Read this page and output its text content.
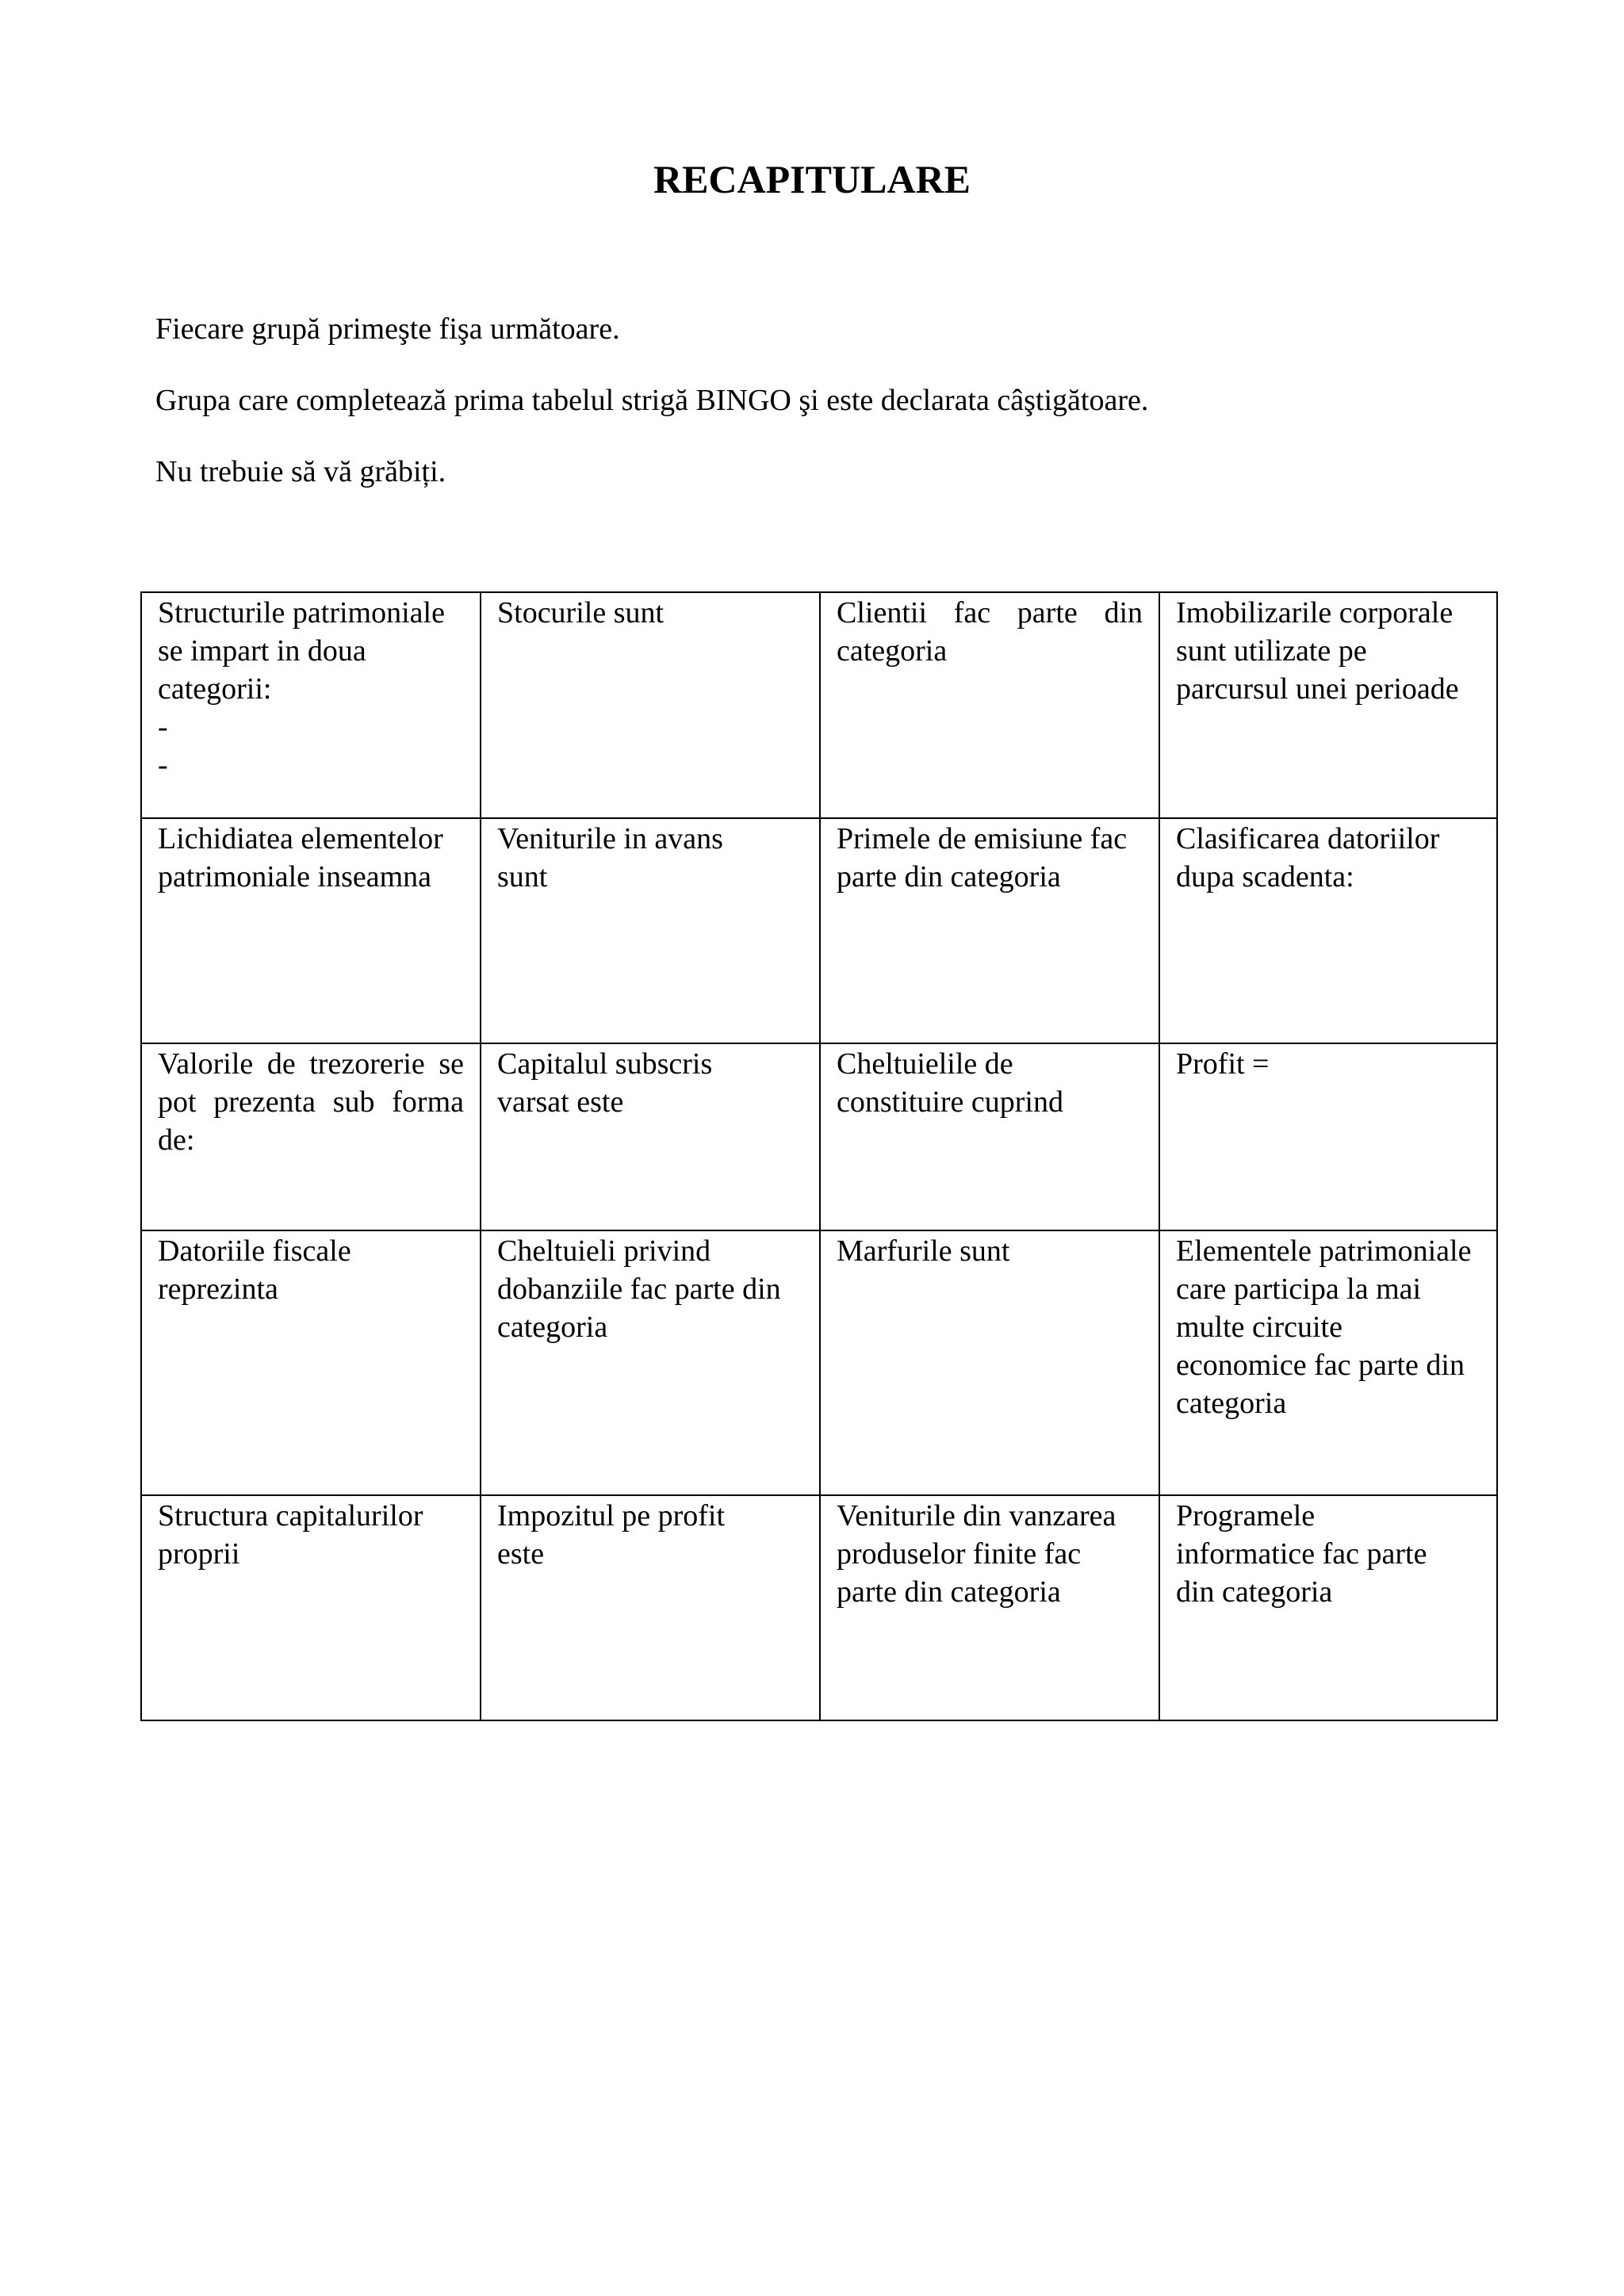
RECAPITULARE

Fiecare grupă primeşte fişa următoare.

Grupa care completează prima tabelul strigă BINGO şi este declarata câştigătoare.

Nu trebuie să vă grăbiți.

Structurile patrimoniale se impart in doua categorii:
-
-	Stocurile sunt	Clientii fac parte din categoria	Imobilizarile corporale sunt utilizate pe parcursul unei perioade

Lichidiatea elementelor patrimoniale inseamna	Veniturile in avans sunt	Primele de emisiune fac parte din categoria	Clasificarea datoriilor dupa scadenta:

Valorile de trezorerie se pot prezenta sub forma de:	Capitalul subscris varsat este	Cheltuielile de constituire cuprind	Profit =

Datoriile fiscale reprezinta	Cheltuieli privind dobanziile fac parte din categoria	Marfurile sunt	Elementele patrimoniale care participa la mai multe circuite economice fac parte din categoria

Structura capitalurilor proprii	Impozitul pe profit este	Veniturile din vanzarea produselor finite fac parte din categoria	Programele informatice fac parte din categoria
